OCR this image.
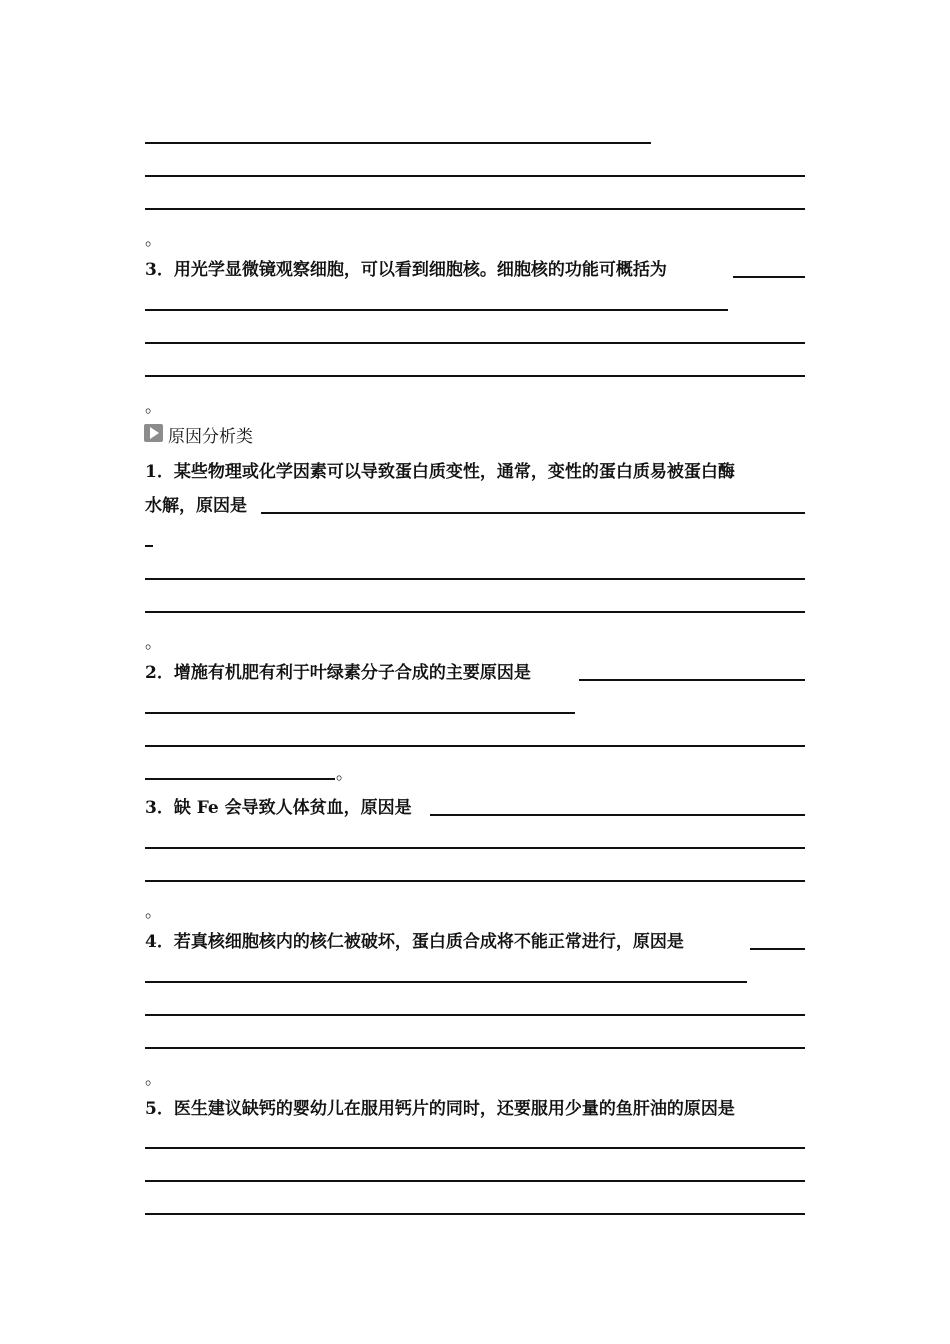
。
3．用光学显微镜观察细胞，可以看到细胞核。细胞核的功能可概括为
。
原因分析类
1．某些物理或化学因素可以导致蛋白质变性，通常，变性的蛋白质易被蛋白酶
水解，原因是
。
2．增施有机肥有利于叶绿素分子合成的主要原因是
。
3．缺 Fe 会导致人体贫血，原因是
。
4．若真核细胞核内的核仁被破坏，蛋白质合成将不能正常进行，原因是
。
5．医生建议缺钙的婴幼儿在服用钙片的同时，还要服用少量的鱼肝油的原因是
